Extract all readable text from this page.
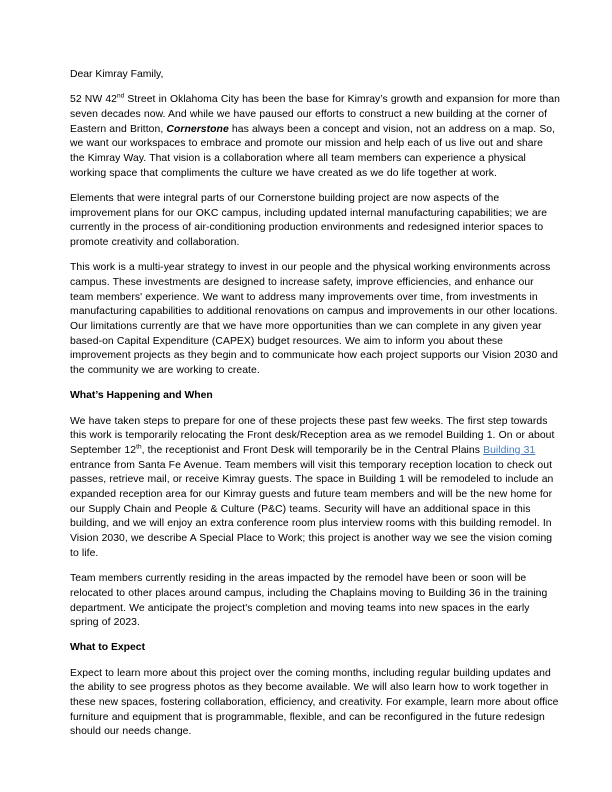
Dear Kimray Family,

52 NW 42nd Street in Oklahoma City has been the base for Kimray’s growth and expansion for more than seven decades now. And while we have paused our efforts to construct a new building at the corner of Eastern and Britton, Cornerstone has always been a concept and vision, not an address on a map. So, we want our workspaces to embrace and promote our mission and help each of us live out and share the Kimray Way. That vision is a collaboration where all team members can experience a physical working space that compliments the culture we have created as we do life together at work.

Elements that were integral parts of our Cornerstone building project are now aspects of the improvement plans for our OKC campus, including updated internal manufacturing capabilities; we are currently in the process of air-conditioning production environments and redesigned interior spaces to promote creativity and collaboration.

This work is a multi-year strategy to invest in our people and the physical working environments across campus. These investments are designed to increase safety, improve efficiencies, and enhance our team members' experience. We want to address many improvements over time, from investments in manufacturing capabilities to additional renovations on campus and improvements in our other locations. Our limitations currently are that we have more opportunities than we can complete in any given year based-on Capital Expenditure (CAPEX) budget resources. We aim to inform you about these improvement projects as they begin and to communicate how each project supports our Vision 2030 and the community we are working to create.

What’s Happening and When

We have taken steps to prepare for one of these projects these past few weeks. The first step towards this work is temporarily relocating the Front desk/Reception area as we remodel Building 1. On or about September 12th, the receptionist and Front Desk will temporarily be in the Central Plains Building 31 entrance from Santa Fe Avenue. Team members will visit this temporary reception location to check out passes, retrieve mail, or receive Kimray guests. The space in Building 1 will be remodeled to include an expanded reception area for our Kimray guests and future team members and will be the new home for our Supply Chain and People & Culture (P&C) teams. Security will have an additional space in this building, and we will enjoy an extra conference room plus interview rooms with this building remodel. In Vision 2030, we describe A Special Place to Work; this project is another way we see the vision coming to life.

Team members currently residing in the areas impacted by the remodel have been or soon will be relocated to other places around campus, including the Chaplains moving to Building 36 in the training department. We anticipate the project's completion and moving teams into new spaces in the early spring of 2023.

What to Expect

Expect to learn more about this project over the coming months, including regular building updates and the ability to see progress photos as they become available. We will also learn how to work together in these new spaces, fostering collaboration, efficiency, and creativity. For example, learn more about office furniture and equipment that is programmable, flexible, and can be reconfigured in the future redesign should our needs change.
